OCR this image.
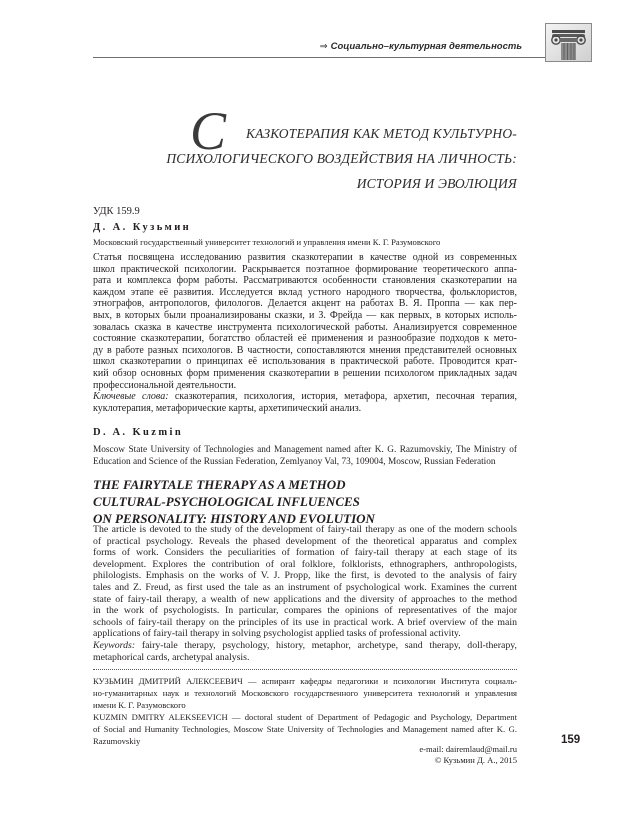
⇒ Социально–культурная деятельность
С	КАЗКОТЕРАПИЯ КАК МЕТОД КУЛЬТУРНО-
ПСИХОЛОГИЧЕСКОГО ВОЗДЕЙСТВИЯ НА ЛИЧНОСТЬ:
ИСТОРИЯ И ЭВОЛЮЦИЯ
УДК 159.9
Д. А. Кузьмин
Московский государственный университет технологий и управления имени К. Г. Разумовского
Статья посвящена исследованию развития сказкотерапии в качестве одной из современных
школ практической психологии. Раскрывается поэтапное формирование теоретического аппа-
рата и комплекса форм работы. Рассматриваются особенности становления сказкотерапии на
каждом этапе её развития. Исследуется вклад устного народного творчества, фольклористов,
этнографов, антропологов, филологов. Делается акцент на работах В. Я. Проппа — как пер-
вых, в которых были проанализированы сказки, и З. Фрейда — как первых, в которых исполь-
зовалась сказка в качестве инструмента психологической работы. Анализируется современное
состояние сказкотерапии, богатство областей её применения и разнообразие подходов к мето-
ду в работе разных психологов. В частности, сопоставляются мнения представителей основных
школ сказкотерапии о принципах её использования в практической работе. Проводится крат-
кий обзор основных форм применения сказкотерапии в решении психологом прикладных задач
профессиональной деятельности.
Ключевые слова: сказкотерапия, психология, история, метафора, архетип, песочная терапия,
куклотерапия, метафорические карты, архетипический анализ.
D. A. Kuzmin
Moscow State University of Technologies and Management named after K. G. Razumovskiy, The Ministry of
Education and Science of the Russian Federation, Zemlyanoy Val, 73, 109004, Moscow, Russian Federation
THE FAIRYTALE THERAPY AS A METHOD
CULTURAL-PSYCHOLOGICAL INFLUENCES
ON PERSONALITY: HISTORY AND EVOLUTION
The article is devoted to the study of the development of fairy-tail therapy as one of the modern schools
of practical psychology. Reveals the phased development of the theoretical apparatus and complex
forms of work. Considers the peculiarities of formation of fairy-tail therapy at each stage of its
development. Explores the contribution of oral folklore, folklorists, ethnographers, anthropologists,
philologists. Emphasis on the works of V. J. Propp, like the first, is devoted to the analysis of fairy
tales and Z. Freud, as first used the tale as an instrument of psychological work. Examines the current
state of fairy-tail therapy, a wealth of new applications and the diversity of approaches to the method
in the work of psychologists. In particular, compares the opinions of representatives of the major
schools of fairy-tail therapy on the principles of its use in practical work. A brief overview of the main
applications of fairy-tail therapy in solving psychologist applied tasks of professional activity.
Keywords: fairy-tale therapy, psychology, history, metaphor, archetype, sand therapy, doll-therapy,
metaphorical cards, archetypal analysis.
КУЗЬМИН ДМИТРИЙ АЛЕКСЕЕВИЧ — аспирант кафедры педагогики и психологии Института социаль-
но-гуманитарных наук и технологий Московского государственного университета технологий и управления
имени К. Г. Разумовского
KUZMIN DMITRY ALEKSEEVICH — doctoral student of Department of Pedagogic and Psychology, Department
of Social and Humanity Technologies, Moscow State University of Technologies and Management named after K. G.
Razumovskiy	159
e-mail: dairemlaud@mail.ru
© Кузьмин Д. А., 2015
